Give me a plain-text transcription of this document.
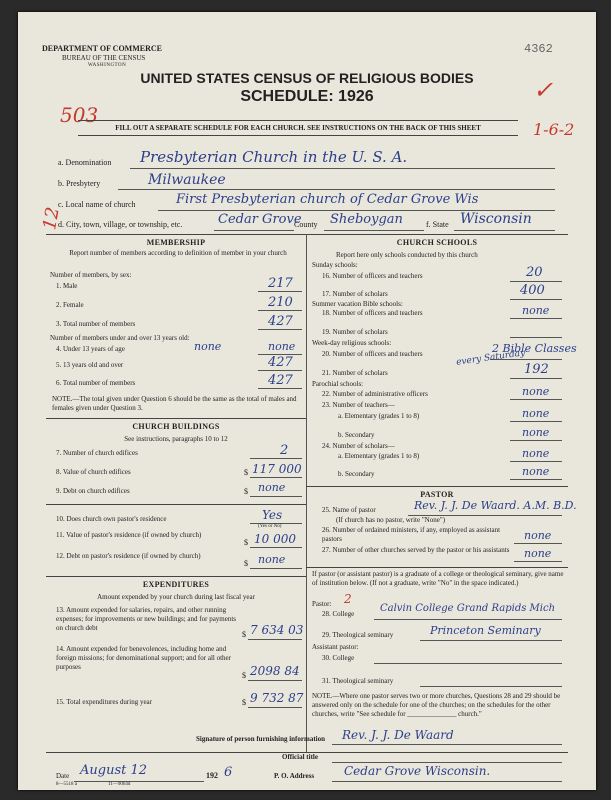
DEPARTMENT OF COMMERCE
BUREAU OF THE CENSUS
WASHINGTON
4362
✓
UNITED STATES CENSUS OF RELIGIOUS BODIES
SCHEDULE: 1926
503
FILL OUT A SEPARATE SCHEDULE FOR EACH CHURCH. SEE INSTRUCTIONS ON THE BACK OF THIS SHEET	1-6-2
12
a. Denomination Presbyterian Church in the U. S. A.
b. Presbytery	Milwaukee
c. Local name of church	First Presbyterian church of Cedar Grove Wis
d. City, town, village, or township, etc.	Cedar Grove
County Sheboygan	f. State Wisconsin
MEMBERSHIP
Report number of members according to definition of member in your church
Number of members, by sex:
1. Male	217
2. Female	210
3. Total number of members	427
Number of members under and over 13 years old:
4. Under 13 years of age	none	none
5. 13 years old and over	427
6. Total number of members	427
NOTE.—The total given under Question 6 should be the same as the total of males and females given under Question 3.
CHURCH BUILDINGS
See instructions, paragraphs 10 to 12
7. Number of church edifices	2
8. Value of church edifices	$ 117 000
9. Debt on church edifices	$ none
10. Does church own pastor's residence	Yes
(Yes or No)
11. Value of pastor's residence (if owned by church)
$ 10 000
12. Debt on pastor's residence (if owned by church)
$ none
EXPENDITURES
Amount expended by your church during last fiscal year
13. Amount expended for salaries, repairs, and other running expenses; for improvements or new buildings; and for payments on church debt
$ 7 634 03
14. Amount expended for benevolences, including home and foreign missions; for denominational support; and for all other purposes
$ 2098 84
15. Total expenditures during year	$ 9 732 87
CHURCH SCHOOLS
Report here only schools conducted by this church
Sunday schools:
16. Number of officers and teachers	20
17. Number of scholars	400
Summer vacation Bible schools:
18. Number of officers and teachers	none
19. Number of scholars
Week-day religious schools:
20. Number of officers and teachers	2 Bible Classes
every Saturday
21. Number of scholars	192
Parochial schools:
22. Number of administrative officers	none
23. Number of teachers—
a. Elementary (grades 1 to 8)	none
b. Secondary	none
24. Number of scholars—
a. Elementary (grades 1 to 8)	none
b. Secondary	none
PASTOR
25. Name of pastor	Rev. J. J. De Waard. A.M. B.D.
(If church has no pastor, write "None")
26. Number of ordained ministers, if any, employed as assistant pastors	none
27. Number of other churches served by the pastor or his assistants none
If pastor (or assistant pastor) is a graduate of a college or theological seminary, give name of institution below. (If not a graduate, write "No" in the space indicated.)
Pastor: 2
28. College	Calvin College Grand Rapids Mich
29. Theological seminary	Princeton Seminary
Assistant pastor:
30. College
31. Theological seminary
NOTE.—Where one pastor serves two or more churches, Questions 28 and 29 should be answered only on the schedule for one of the churches; on the schedules for the other churches, write "See schedule for ______________ church."
Signature of person furnishing information Rev. J. J. De Waard
Official title
Date August 12	192 6	P. O. Address Cedar Grove Wisconsin.
8—5518 a	11—9064d
